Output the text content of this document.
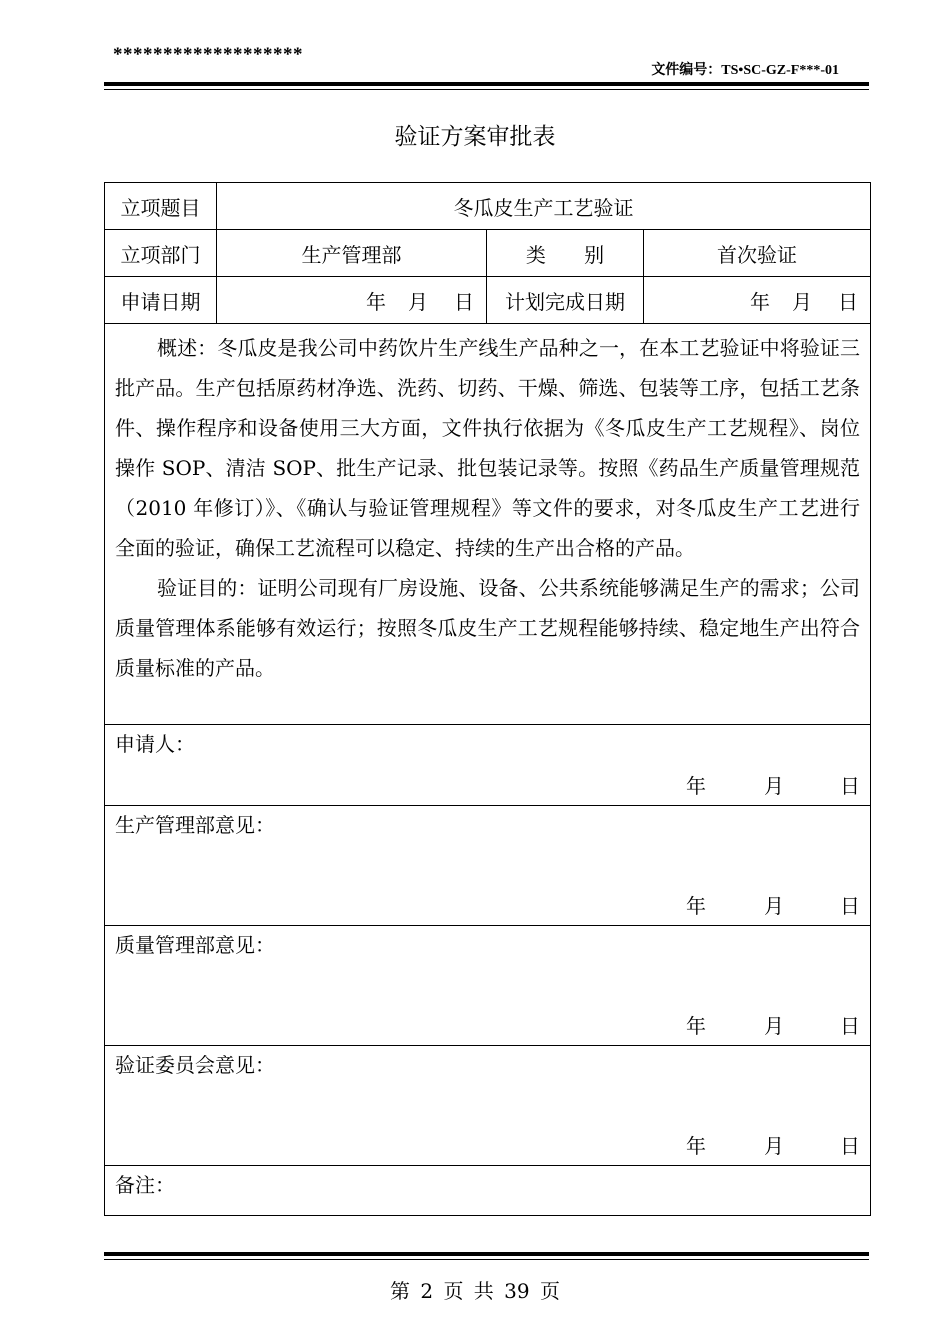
*******************
文件编号：TS•SC-GZ-F***-01
验证方案审批表
立项题目	冬瓜皮生产工艺验证		
立项部门	生产管理部	类      别	首次验证
申请日期	年 月 日	计划完成日期	年 月 日

概述：冬瓜皮是我公司中药饮片生产线生产品种之一，在本工艺验证中将验证三批产品。生产包括原药材净选、洗药、切药、干燥、筛选、包装等工序，包括工艺条件、操作程序和设备使用三大方面，文件执行依据为《冬瓜皮生产工艺规程》、岗位操作 SOP、清洁 SOP、批生产记录、批包装记录等。按照《药品生产质量管理规范（2010 年修订）》、《确认与验证管理规程》等文件的要求，对冬瓜皮生产工艺进行全面的验证，确保工艺流程可以稳定、持续的生产出合格的产品。

验证目的：证明公司现有厂房设施、设备、公共系统能够满足生产的需求；公司质量管理体系能够有效运行；按照冬瓜皮生产工艺规程能够持续、稳定地生产出符合质量标准的产品。			

申请人：
年 月 日			

生产管理部意见：
年 月 日			

质量管理部意见：
年 月 日			

验证委员会意见：
年 月 日			

备注：			
第 2 页 共 39 页
